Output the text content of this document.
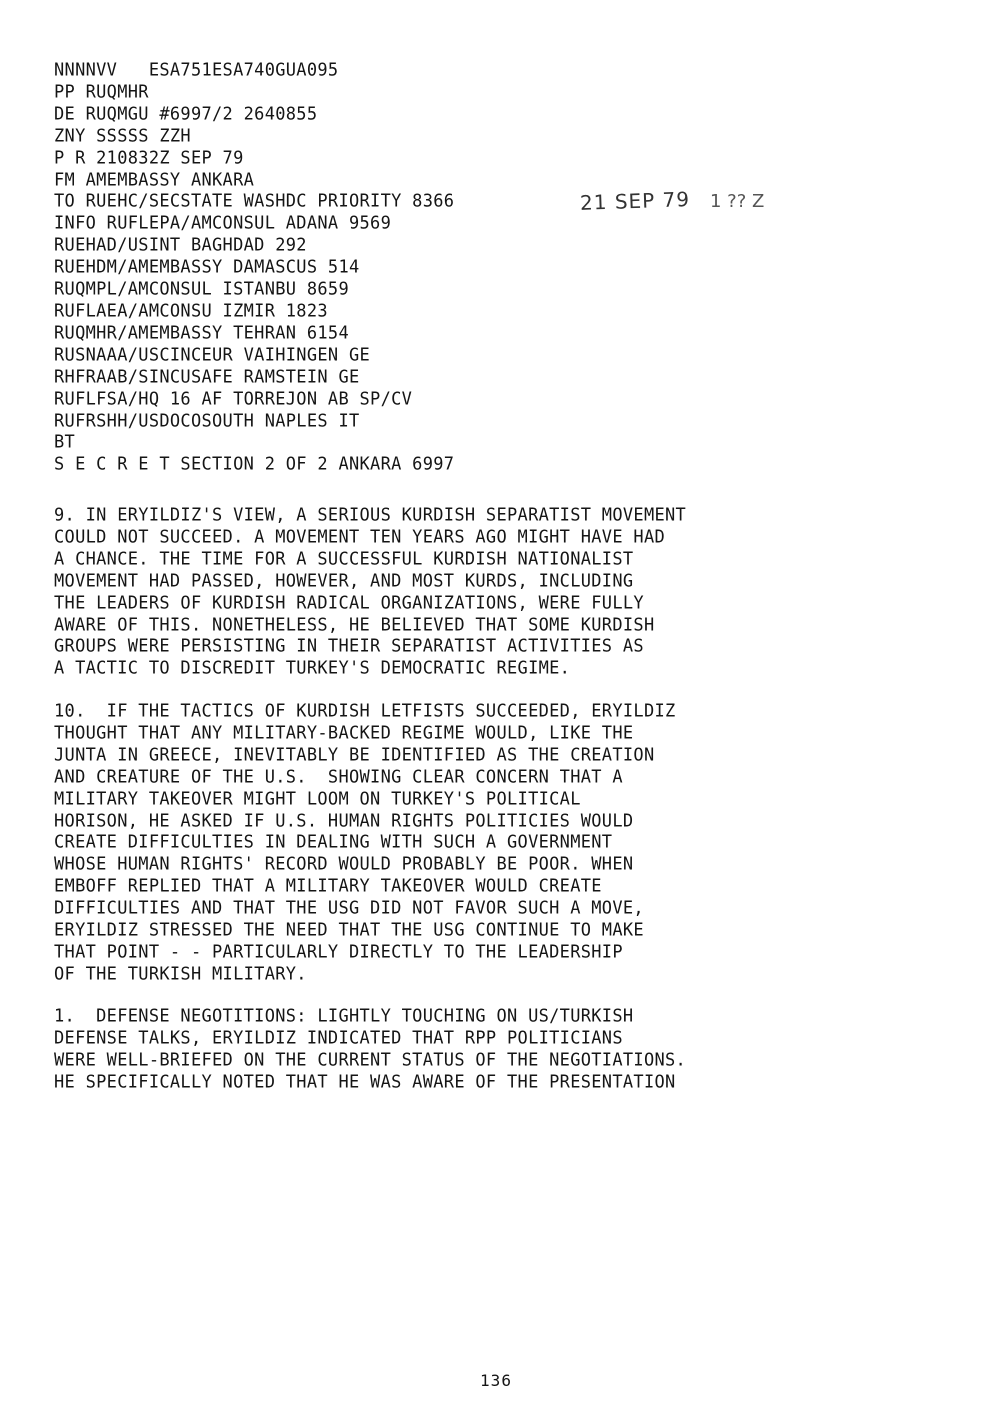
NNNNVV   ESA751ESA740GUA095
PP RUQMHR
DE RUQMGU #6997/2 2640855
ZNY SSSSS ZZH
P R 210832Z SEP 79
FM AMEMBASSY ANKARA
TO RUEHC/SECSTATE WASHDC PRIORITY 8366
INFO RUFLEPA/AMCONSUL ADANA 9569
RUEHAD/USINT BAGHDAD 292
RUEHDM/AMEMBASSY DAMASCUS 514
RUQMPL/AMCONSUL ISTANBU 8659
RUFLAEA/AMCONSU IZMIR 1823
RUQMHR/AMEMBASSY TEHRAN 6154
RUSNAAA/USCINCEUR VAIHINGEN GE
RHFRAAB/SINCUSAFE RAMSTEIN GE
RUFLFSA/HQ 16 AF TORREJON AB SP/CV
RUFRSHH/USDOCOSOUTH NAPLES IT
BT
S E C R E T SECTION 2 OF 2 ANKARA 6997
21 SEP 79 1 ?? Z
9. IN ERYILDIZ'S VIEW, A SERIOUS KURDISH SEPARATIST MOVEMENT
COULD NOT SUCCEED. A MOVEMENT TEN YEARS AGO MIGHT HAVE HAD
A CHANCE. THE TIME FOR A SUCCESSFUL KURDISH NATIONALIST
MOVEMENT HAD PASSED, HOWEVER, AND MOST KURDS, INCLUDING
THE LEADERS OF KURDISH RADICAL ORGANIZATIONS, WERE FULLY
AWARE OF THIS. NONETHELESS, HE BELIEVED THAT SOME KURDISH
GROUPS WERE PERSISTING IN THEIR SEPARATIST ACTIVITIES AS
A TACTIC TO DISCREDIT TURKEY'S DEMOCRATIC REGIME.
10.  IF THE TACTICS OF KURDISH LETFISTS SUCCEEDED, ERYILDIZ
THOUGHT THAT ANY MILITARY-BACKED REGIME WOULD, LIKE THE
JUNTA IN GREECE, INEVITABLY BE IDENTIFIED AS THE CREATION
AND CREATURE OF THE U.S.  SHOWING CLEAR CONCERN THAT A
MILITARY TAKEOVER MIGHT LOOM ON TURKEY'S POLITICAL
HORISON, HE ASKED IF U.S. HUMAN RIGHTS POLITICIES WOULD
CREATE DIFFICULTIES IN DEALING WITH SUCH A GOVERNMENT
WHOSE HUMAN RIGHTS' RECORD WOULD PROBABLY BE POOR. WHEN
EMBOFF REPLIED THAT A MILITARY TAKEOVER WOULD CREATE
DIFFICULTIES AND THAT THE USG DID NOT FAVOR SUCH A MOVE,
ERYILDIZ STRESSED THE NEED THAT THE USG CONTINUE TO MAKE
THAT POINT - - PARTICULARLY DIRECTLY TO THE LEADERSHIP
OF THE TURKISH MILITARY.
1.  DEFENSE NEGOTITIONS: LIGHTLY TOUCHING ON US/TURKISH
DEFENSE TALKS, ERYILDIZ INDICATED THAT RPP POLITICIANS
WERE WELL-BRIEFED ON THE CURRENT STATUS OF THE NEGOTIATIONS.
HE SPECIFICALLY NOTED THAT HE WAS AWARE OF THE PRESENTATION
136
